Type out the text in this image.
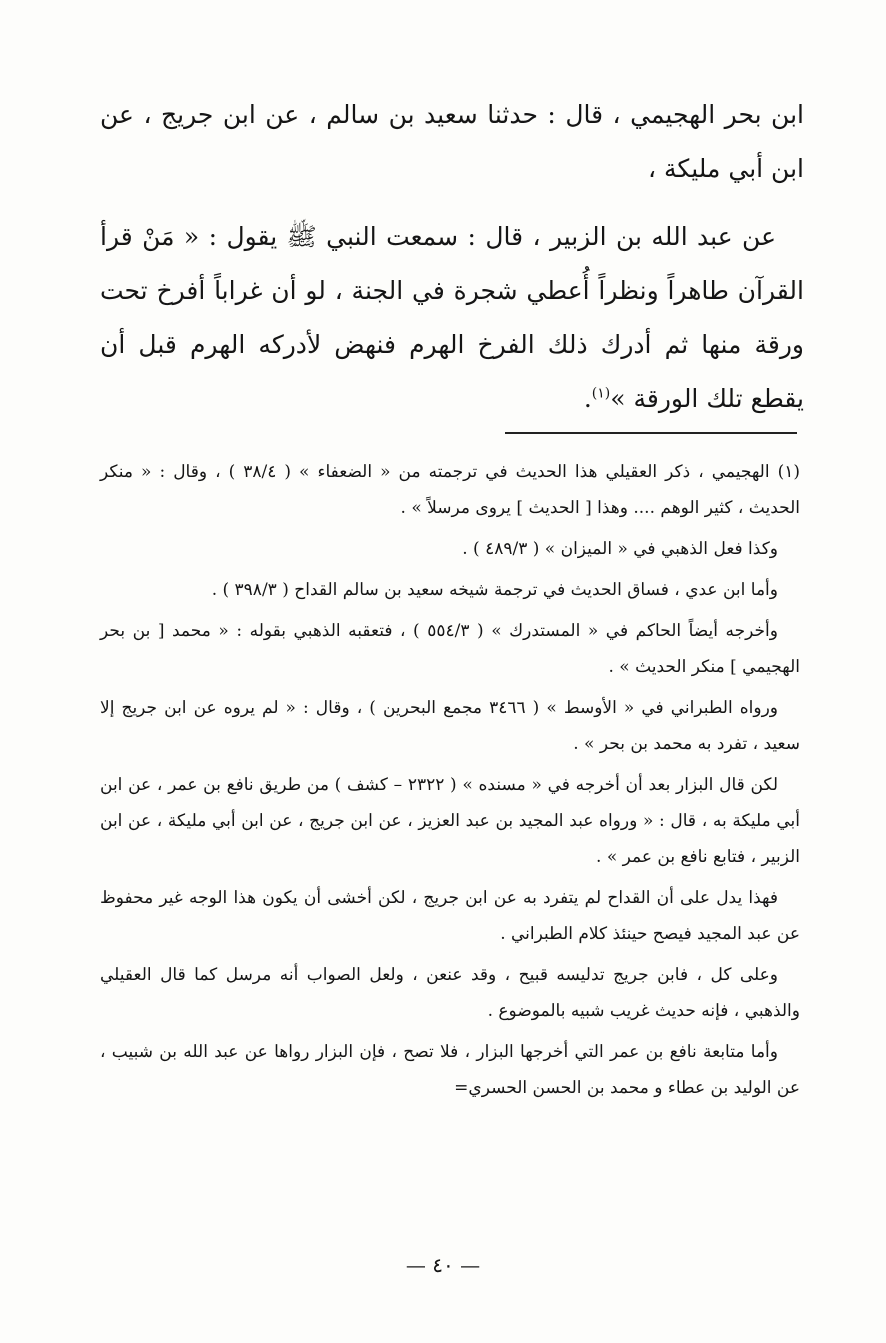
ابن بحر الهجيمي ، قال : حدثنا سعيد بن سالم ، عن ابن جريج ، عن ابن أبي مليكة ،

عن عبد الله بن الزبير ، قال : سمعت النبي ﷺ يقول : « مَنْ قرأ القرآن طاهراً ونظراً أُعطي شجرة في الجنة ، لو أن غراباً أفرخ تحت ورقة منها ثم أدرك ذلك الفرخ الهرم فنهض لأدركه الهرم قبل أن يقطع تلك الورقة »$^{(١)}$.

(١) الهجيمي ، ذكر العقيلي هذا الحديث في ترجمته من « الضعفاء » ( ٣٨/٤ ) ، وقال : « منكر الحديث ، كثير الوهم .... وهذا [ الحديث ] يروى مرسلاً » .

وكذا فعل الذهبي في « الميزان » ( ٤٨٩/٣ ) .

وأما ابن عدي ، فساق الحديث في ترجمة شيخه سعيد بن سالم القداح ( ٣٩٨/٣ ) .

وأخرجه أيضاً الحاكم في « المستدرك » ( ٥٥٤/٣ ) ، فتعقبه الذهبي بقوله : « محمد [ بن بحر الهجيمي ] منكر الحديث » .

ورواه الطبراني في « الأوسط » ( ٣٤٦٦ مجمع البحرين ) ، وقال : « لم يروه عن ابن جريج إلا سعيد ، تفرد به محمد بن بحر » .

لكن قال البزار بعد أن أخرجه في « مسنده » ( ٢٣٢٢ – كشف ) من طريق نافع بن عمر ، عن ابن أبي مليكة به ، قال : « ورواه عبد المجيد بن عبد العزيز ، عن ابن جريج ، عن ابن أبي مليكة ، عن ابن الزبير ، فتابع نافع بن عمر » .

فهذا يدل على أن القداح لم يتفرد به عن ابن جريج ، لكن أخشى أن يكون هذا الوجه غير محفوظ عن عبد المجيد فيصح حينئذ كلام الطبراني .

وعلى كل ، فابن جريج تدليسه قبيح ، وقد عنعن ، ولعل الصواب أنه مرسل كما قال العقيلي والذهبي ، فإنه حديث غريب شبيه بالموضوع .

وأما متابعة نافع بن عمر التي أخرجها البزار ، فلا تصح ، فإن البزار رواها عن عبد الله بن شبيب ، عن الوليد بن عطاء و محمد بن الحسن الحسري=

— ٤٠ —
